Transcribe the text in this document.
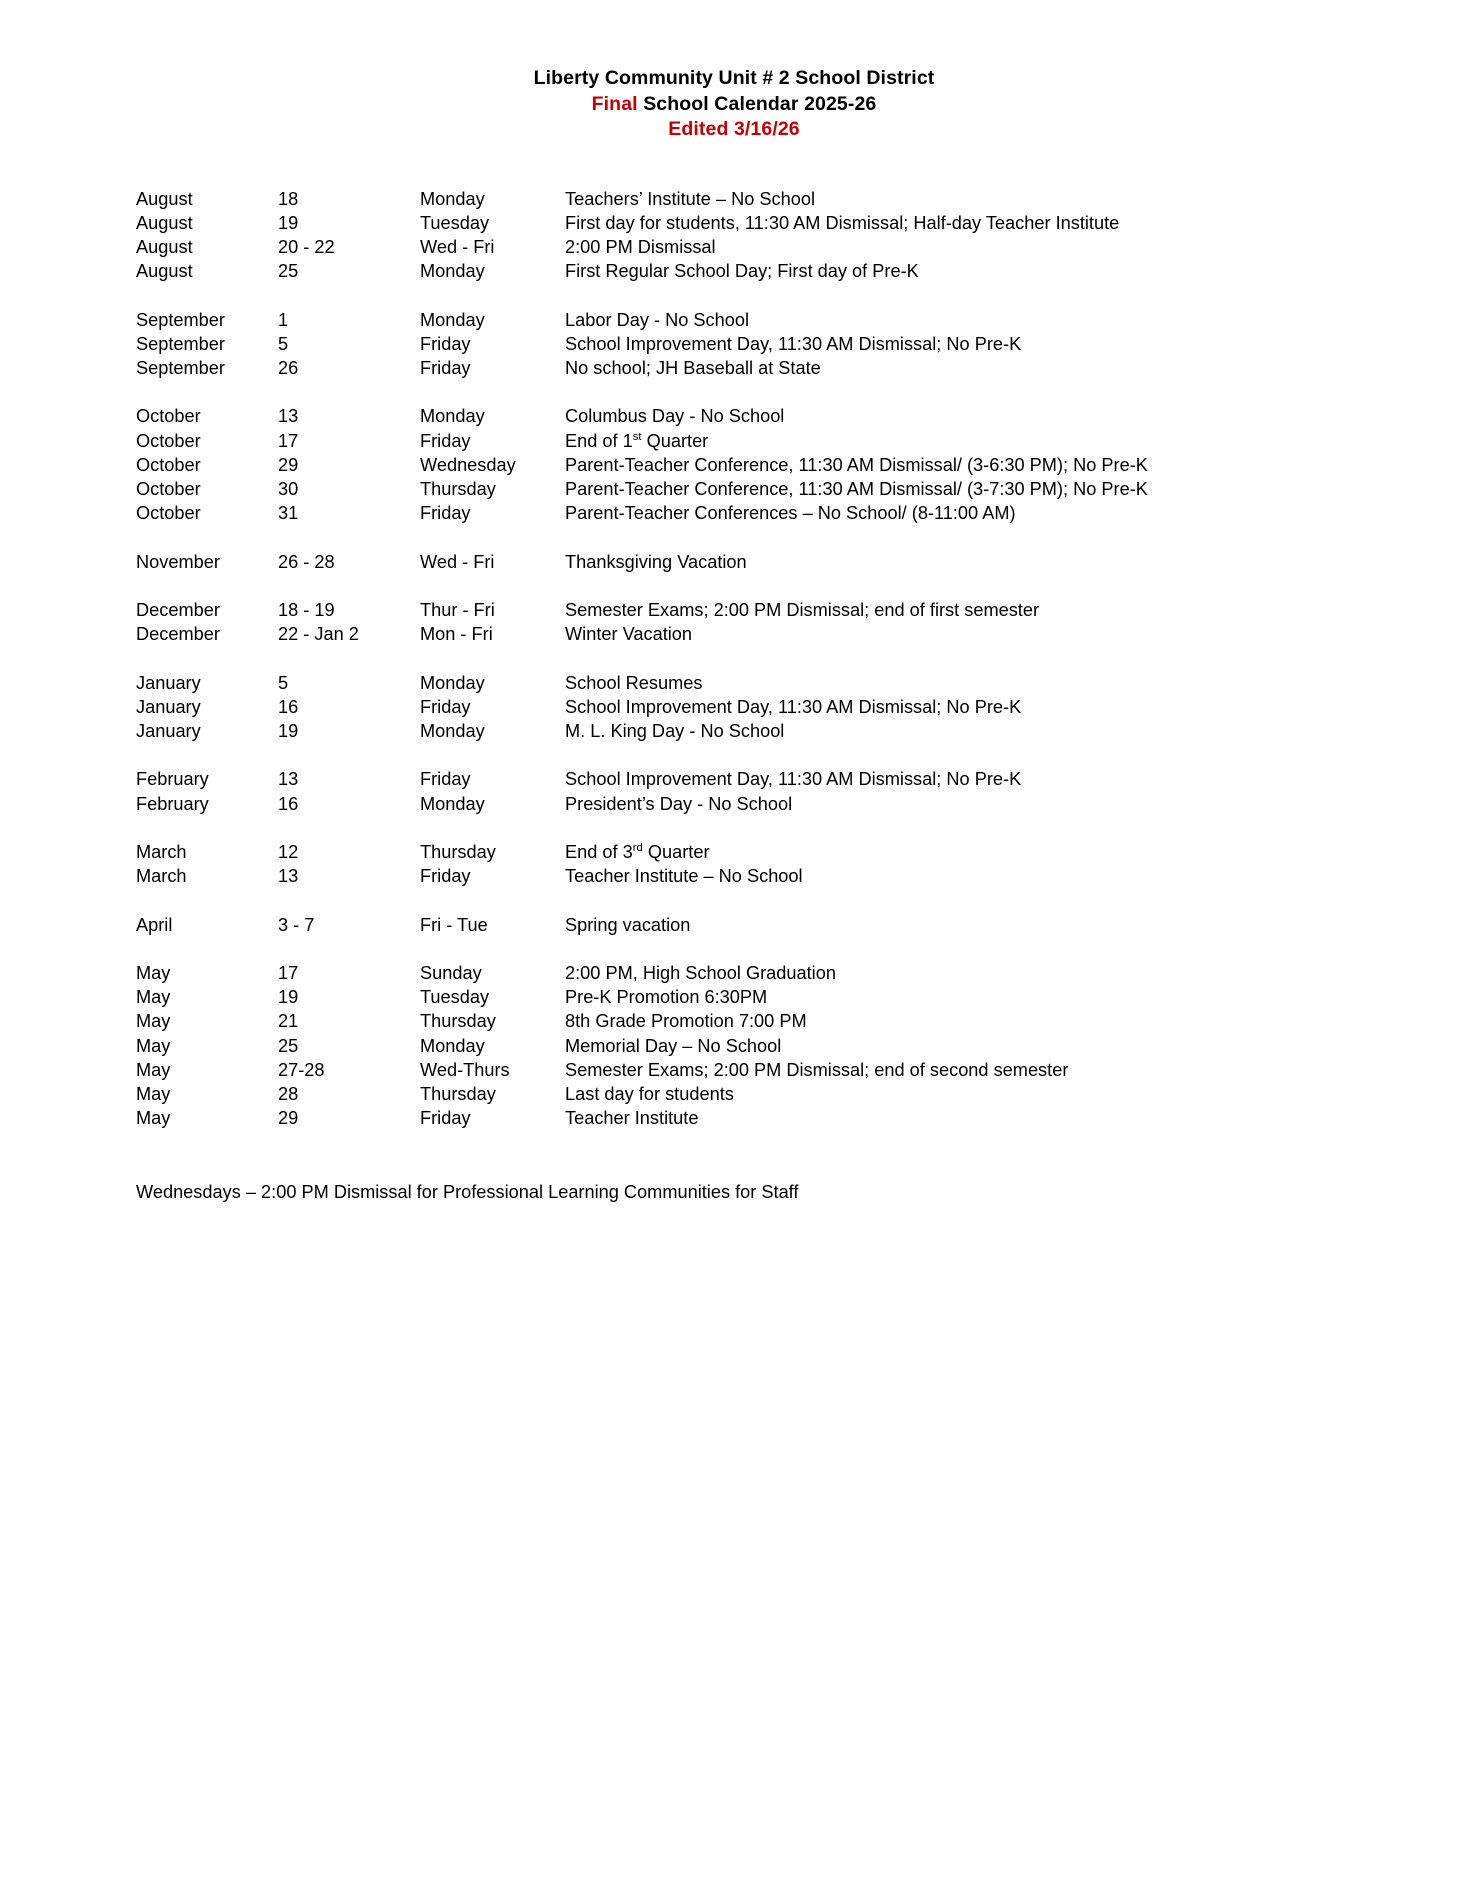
Liberty Community Unit # 2 School District
Final School Calendar 2025-26
Edited 3/16/26
August	18	Monday	Teachers’ Institute – No School
August	19	Tuesday	First day for students, 11:30 AM Dismissal; Half-day Teacher Institute
August	20 - 22	Wed - Fri	2:00 PM Dismissal
August	25	Monday	First Regular School Day; First day of Pre-K

September	1	Monday	Labor Day - No School
September	5	Friday	School Improvement Day, 11:30 AM Dismissal; No Pre-K
September	26	Friday	No school; JH Baseball at State

October	13	Monday	Columbus Day - No School
October	17	Friday	End of 1st Quarter
October	29	Wednesday	Parent-Teacher Conference, 11:30 AM Dismissal/ (3-6:30 PM); No Pre-K
October	30	Thursday	Parent-Teacher Conference, 11:30 AM Dismissal/ (3-7:30 PM); No Pre-K
October	31	Friday	Parent-Teacher Conferences – No School/ (8-11:00 AM)

November	26 - 28	Wed - Fri	Thanksgiving Vacation

December	18 - 19	Thur - Fri	Semester Exams; 2:00 PM Dismissal; end of first semester
December	22 - Jan 2	Mon - Fri	Winter Vacation

January	5	Monday	School Resumes
January	16	Friday	School Improvement Day, 11:30 AM Dismissal; No Pre-K
January	19	Monday	M. L. King Day - No School

February	13	Friday	School Improvement Day, 11:30 AM Dismissal; No Pre-K
February	16	Monday	President’s Day - No School

March	12	Thursday	End of 3rd Quarter
March	13	Friday	Teacher Institute – No School

April	3 - 7	Fri - Tue	Spring vacation

May	17	Sunday	2:00 PM, High School Graduation
May	19	Tuesday	Pre-K Promotion 6:30PM
May	21	Thursday	8th Grade Promotion 7:00 PM
May	25	Monday	Memorial Day – No School
May	27-28	Wed-Thurs	Semester Exams; 2:00 PM Dismissal; end of second semester
May	28	Thursday	Last day for students
May	29	Friday	Teacher Institute
Wednesdays – 2:00 PM Dismissal for Professional Learning Communities for Staff
